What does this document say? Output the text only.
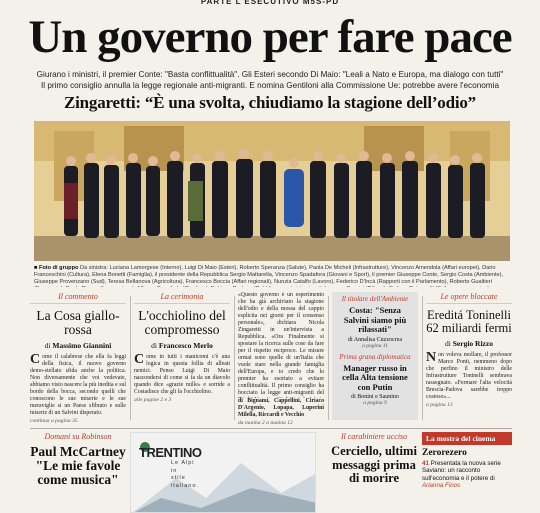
PARTE L'ESECUTIVO M5S-PD
Un governo per fare pace
Giurano i ministri, il premier Conte: "Basta conflittualità". Gli Esteri secondo Di Maio: "Leali a Nato e Europa, ma dialogo con tutti"
Il primo consiglio annulla la legge regionale anti-migranti. E nomina Gentiloni alla Commissione Ue: potrebbe avere l'economia
Zingaretti: “È una svolta, chiudiamo la stagione dell’odio”
■ Foto di gruppo Da sinistra: Luciana Lamorgese (Interno), Luigi Di Maio (Esteri), Roberto Speranza (Salute), Paola De Micheli (Infrastrutture), Vincenzo Amendola (Affari europei), Dario Franceschini (Cultura), Elena Bonetti (Famiglia), il presidente della Repubblica Sergio Mattarella, Vincenzo Spadafora (Giovani e Sport), il premier Giuseppe Conte, Sergio Costa (Ambiente), Giuseppe Provenzano (Sud), Teresa Bellanova (Agricoltura), Francesco Boccia (Affari regionali), Nunzia Catalfo (Lavoro), Federico D'Incà (Rapporti con il Parlamento), Roberto Gualtieri
Il commento
La Cosa giallo-rossa
di Massimo Giannini
Come il calabrese che ella fa leggi della fisica, il nuovo governo demo-stellato sfida anche la politica. Non diversamente che voi vedevate, abbiamo visto nascere la più inedita e sul bordo della bocca, secondo quelli che conoscono le sue miserie e le sue meraviglie si un Paese sfibrato e sulle miserie di un Salvini disperato.
continua a pagina 35
La cerimonia
L'occhiolino del compromesso
di Francesco Merlo
Come in tutti i manicomi c'è una logica in questa follia di alleati nemici. Penso Luigi Di Maio nascondersi di come si fa da un diavolo quando dice «grazie mille» e sorride a Costadisce che gli fa l'occhiolino.
alle pagine 2 e 3
«Questo governo è un esperimento che ha già archiviato la stagione dell'odio e della mossa del cappio esplicita nei giorni per il consenso personale», dichiara Nicola Zingaretti in un'intervista a Repubblica. «Ora Finalmente si spostare la ricerca sulle cose da fare per il rispetto reciproco. Le misure ormai sono quelle di un'Italia che vuole stare nella grande famiglia dell'Europa, e io credo che lo premier ha esortato a evitare conflittualità. Il primo consiglio ha bocciato la legge anti-migranti del
di Bignami, Cappellini, Ciriaco D'Argenio, Lopapa, Luperini Milella, Riccardi e Vecchio
da pagina 2 a pagina 12
Il titolare dell'Ambiente
Costa: "Senza Salvini siamo più rilassati"
di Annalisa Cuzzocrea
a pagina 11
Prima grana diplomatica
Manager russo in cella Alta tensione con Putin
di Bonini e Saunino
a pagina 9
Le opere bloccate
Ereditá Toninelli 62 miliardi fermi
di Sergio Rizzo
Non voleva mollare, il professor Marco Ponti, nemmeno dopo che perfino il ministro delle Infrastrutture Toninelli sembrava rassegnato. «Fermare l'alta velocità Brescia-Padova sarebbe troppo costoso»...
a pagina 13
Domani su Robinson
Paul McCartney "Le mie favole come musica"
TRENTINO
Le Alpi
in
stile
italiano.
Il carabiniere ucciso
Cerciello, ultimi messaggi prima di morire
La mostra del cinema
Zerorezero
41 Presentata la nuova serie Saviano: un racconto sull'economia e il potere di Arianna Finos
